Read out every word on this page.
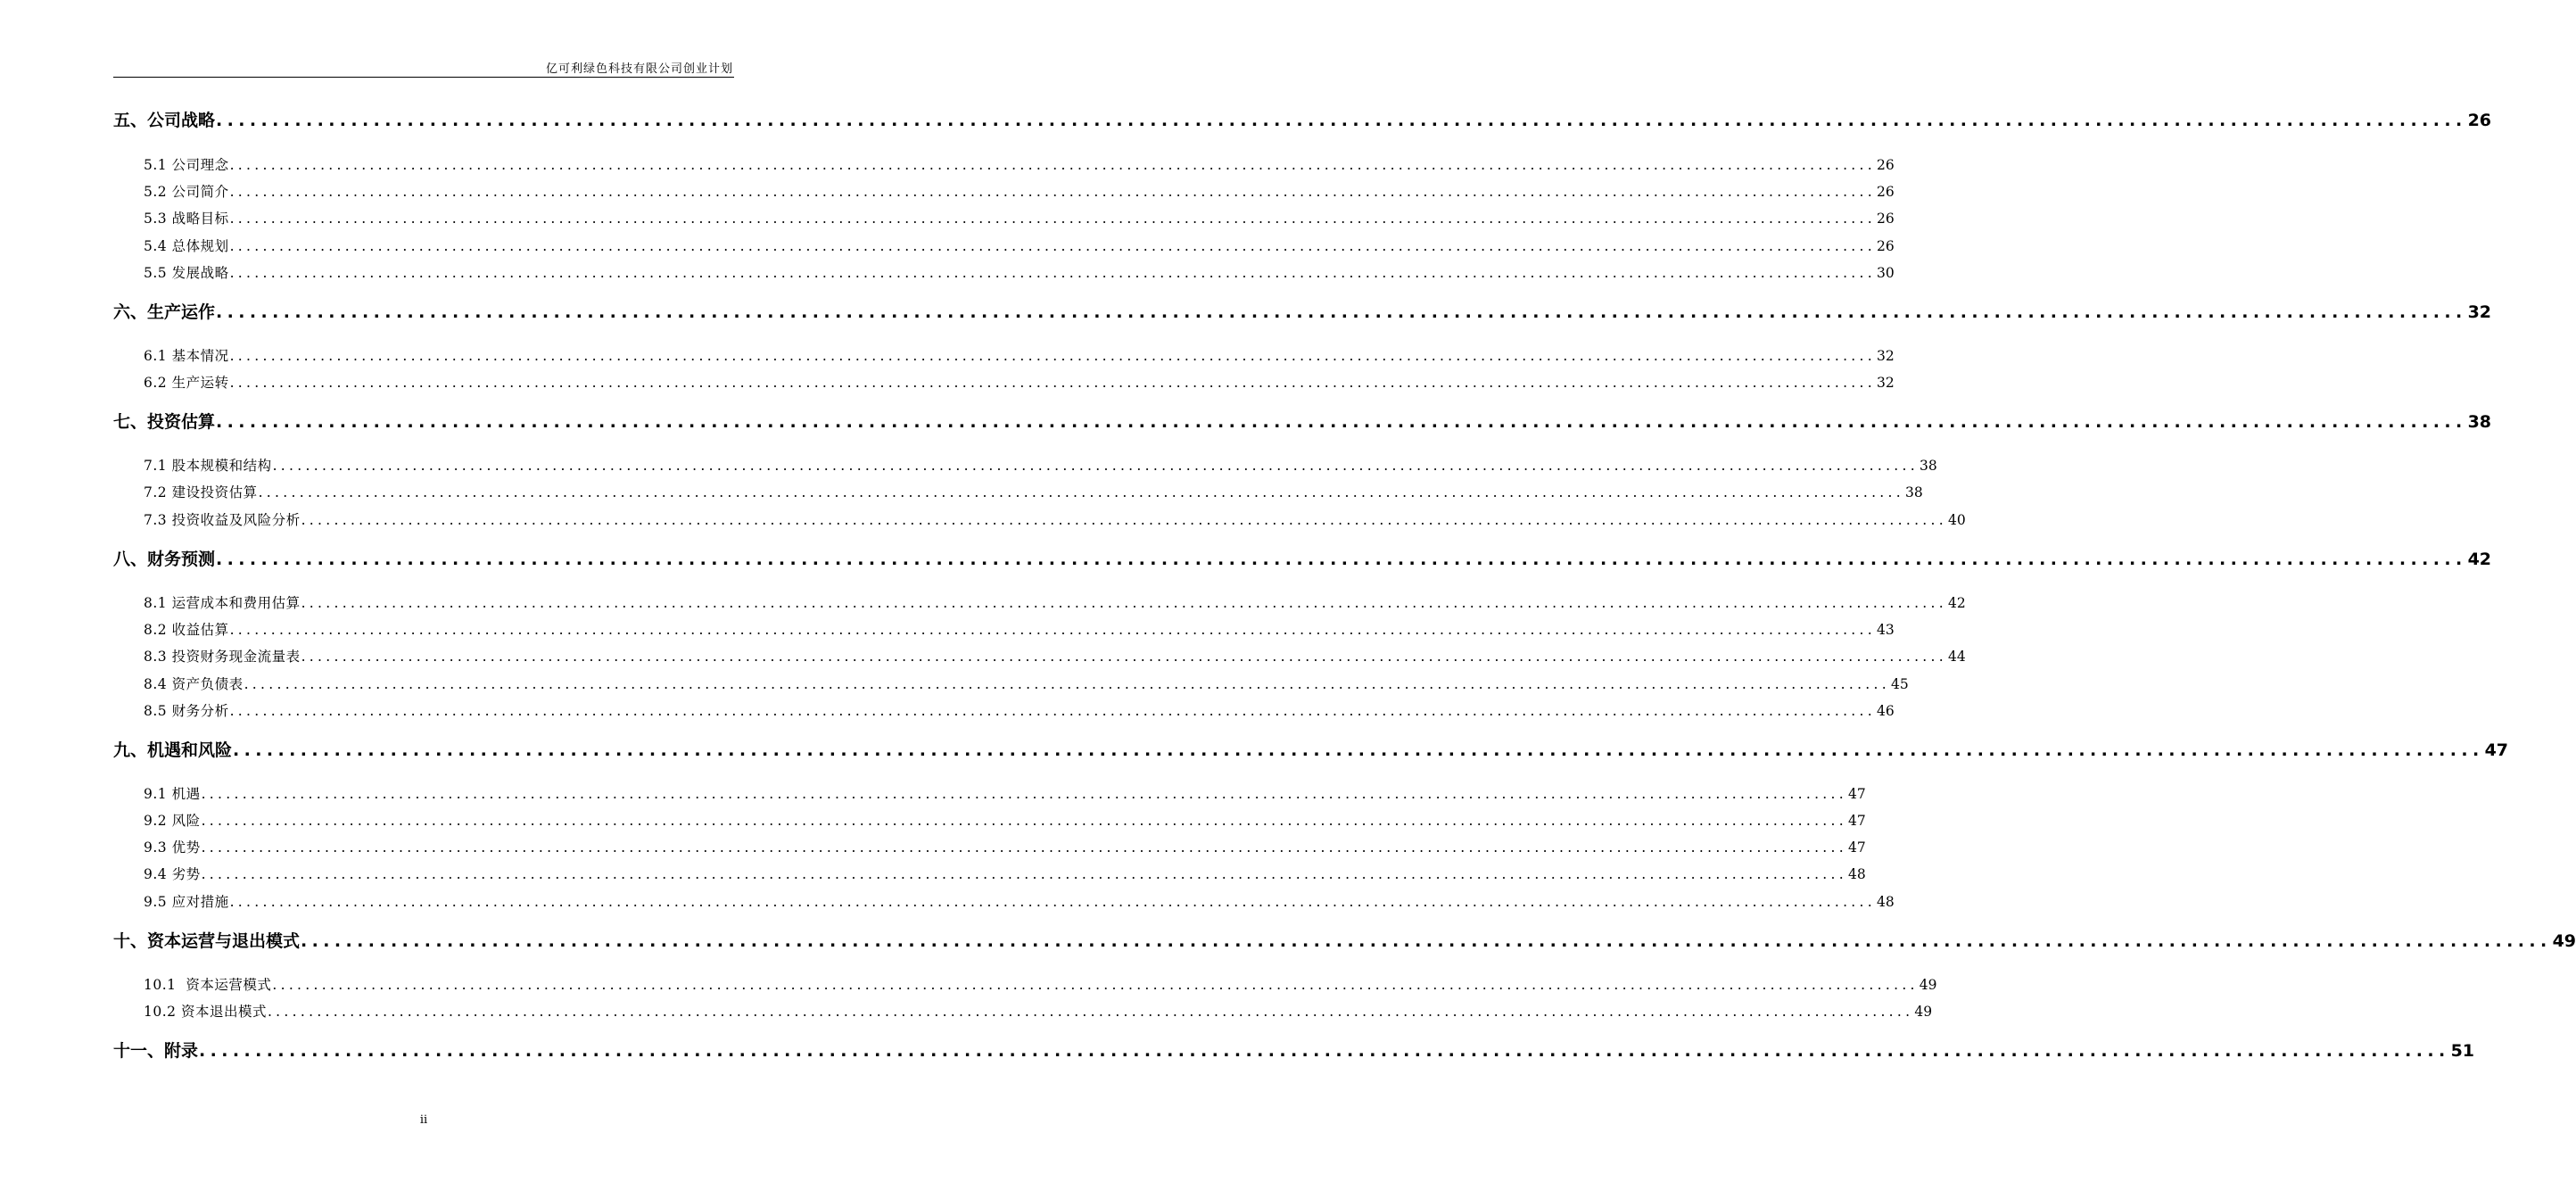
亿可利绿色科技有限公司创业计划
五、公司战略 ........................................................................................................................................................................................................ 26
5.1 公司理念 ........................................................................................................................................................................................................ 26
5.2 公司简介 ........................................................................................................................................................................................................ 26
5.3 战略目标 ........................................................................................................................................................................................................ 26
5.4 总体规划 ........................................................................................................................................................................................................ 26
5.5 发展战略 ........................................................................................................................................................................................................ 30
六、生产运作 ........................................................................................................................................................................................................ 32
6.1 基本情况 ........................................................................................................................................................................................................ 32
6.2 生产运转 ........................................................................................................................................................................................................ 32
七、投资估算 ........................................................................................................................................................................................................ 38
7.1 股本规模和结构 ........................................................................................................................................................................................................ 38
7.2 建设投资估算 ........................................................................................................................................................................................................ 38
7.3 投资收益及风险分析 ........................................................................................................................................................................................................ 40
八、财务预测 ........................................................................................................................................................................................................ 42
8.1 运营成本和费用估算 ........................................................................................................................................................................................................ 42
8.2 收益估算 ........................................................................................................................................................................................................ 43
8.3 投资财务现金流量表 ........................................................................................................................................................................................................ 44
8.4 资产负债表 ........................................................................................................................................................................................................ 45
8.5 财务分析 ........................................................................................................................................................................................................ 46
九、机遇和风险 ........................................................................................................................................................................................................ 47
9.1 机遇 ........................................................................................................................................................................................................ 47
9.2 风险 ........................................................................................................................................................................................................ 47
9.3 优势 ........................................................................................................................................................................................................ 47
9.4 劣势 ........................................................................................................................................................................................................ 48
9.5 应对措施 ........................................................................................................................................................................................................ 48
十、资本运营与退出模式 ........................................................................................................................................................................................................ 49
10.1  资本运营模式 ........................................................................................................................................................................................................ 49
10.2 资本退出模式 ........................................................................................................................................................................................................ 49
十一、附录 ........................................................................................................................................................................................................ 51
ii
